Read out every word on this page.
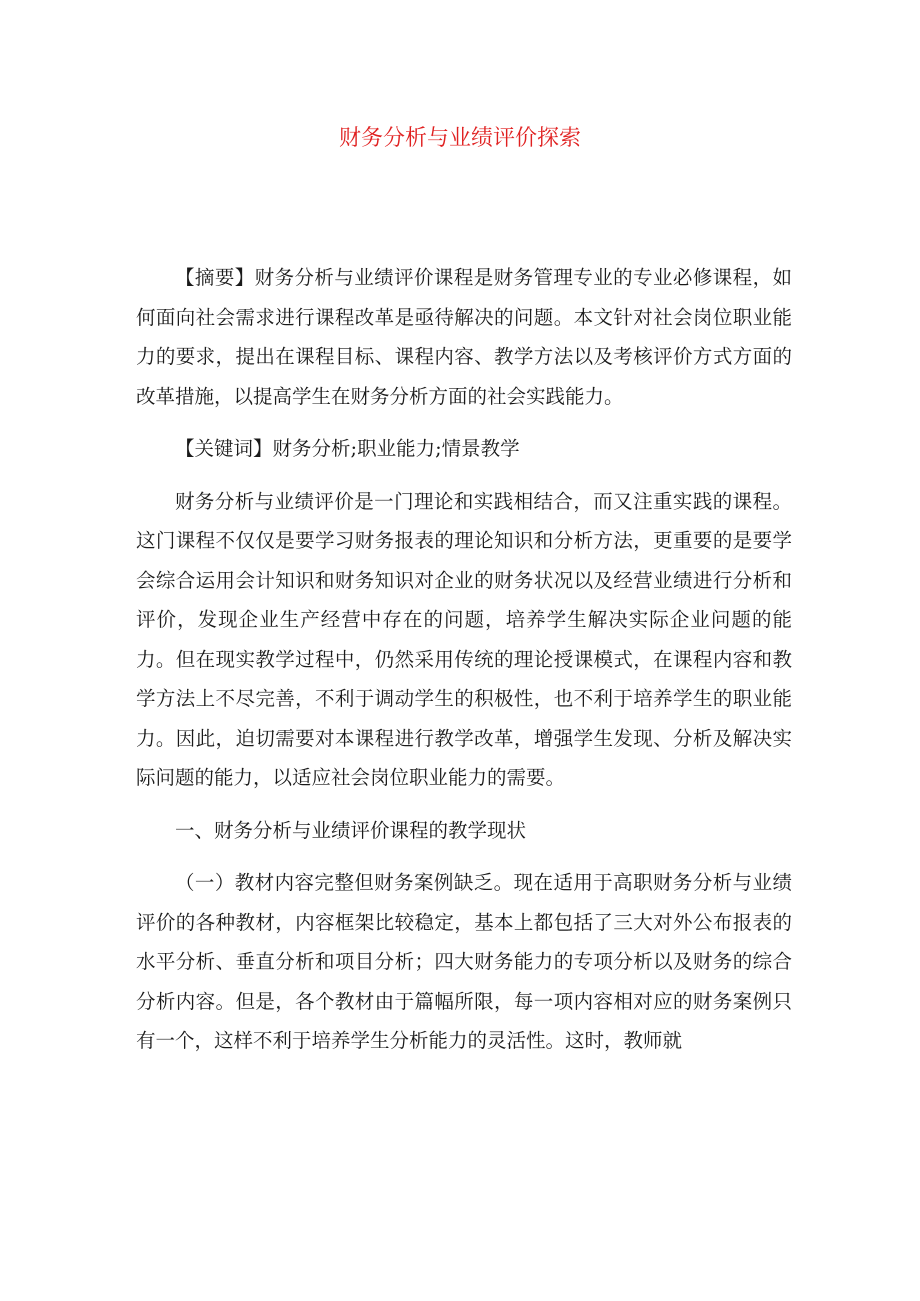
财务分析与业绩评价探索

【摘要】财务分析与业绩评价课程是财务管理专业的专业必修课程，如何面向社会需求进行课程改革是亟待解决的问题。本文针对社会岗位职业能力的要求，提出在课程目标、课程内容、教学方法以及考核评价方式方面的改革措施，以提高学生在财务分析方面的社会实践能力。

【关键词】财务分析;职业能力;情景教学

财务分析与业绩评价是一门理论和实践相结合，而又注重实践的课程。这门课程不仅仅是要学习财务报表的理论知识和分析方法，更重要的是要学会综合运用会计知识和财务知识对企业的财务状况以及经营业绩进行分析和评价，发现企业生产经营中存在的问题，培养学生解决实际企业问题的能力。但在现实教学过程中，仍然采用传统的理论授课模式，在课程内容和教学方法上不尽完善，不利于调动学生的积极性，也不利于培养学生的职业能力。因此，迫切需要对本课程进行教学改革，增强学生发现、分析及解决实际问题的能力，以适应社会岗位职业能力的需要。

一、财务分析与业绩评价课程的教学现状

（一）教材内容完整但财务案例缺乏。现在适用于高职财务分析与业绩评价的各种教材，内容框架比较稳定，基本上都包括了三大对外公布报表的水平分析、垂直分析和项目分析；四大财务能力的专项分析以及财务的综合分析内容。但是，各个教材由于篇幅所限，每一项内容相对应的财务案例只有一个，这样不利于培养学生分析能力的灵活性。这时，教师就
